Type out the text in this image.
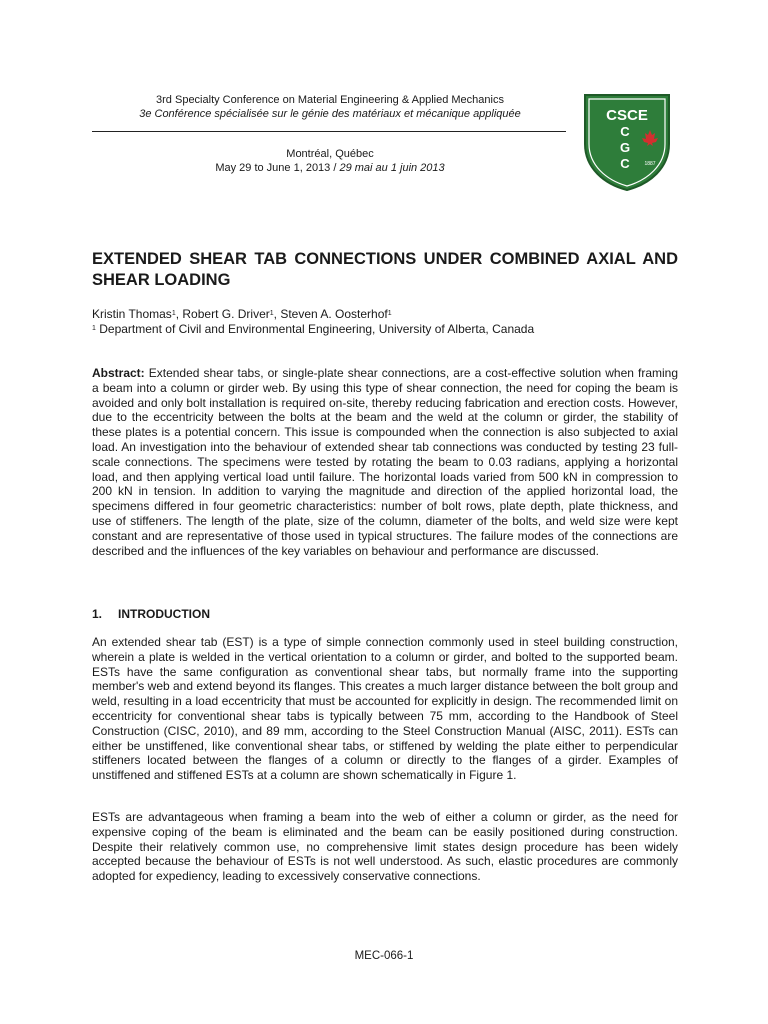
3rd Specialty Conference on Material Engineering & Applied Mechanics
3e Conférence spécialisée sur le génie des matériaux et mécanique appliquée
Montréal, Québec
May 29 to June 1, 2013 / 29 mai au 1 juin 2013
CSCE
C
G
C	1887
EXTENDED SHEAR TAB CONNECTIONS UNDER COMBINED AXIAL AND SHEAR LOADING
Kristin Thomas$^1$, Robert G. Driver$^1$, Steven A. Oosterhof$^1$
$^1$ Department of Civil and Environmental Engineering, University of Alberta, Canada

Abstract: Extended shear tabs, or single-plate shear connections, are a cost-effective solution when framing a beam into a column or girder web. By using this type of shear connection, the need for coping the beam is avoided and only bolt installation is required on-site, thereby reducing fabrication and erection costs. However, due to the eccentricity between the bolts at the beam and the weld at the column or girder, the stability of these plates is a potential concern. This issue is compounded when the connection is also subjected to axial load. An investigation into the behaviour of extended shear tab connections was conducted by testing 23 full-scale connections. The specimens were tested by rotating the beam to 0.03 radians, applying a horizontal load, and then applying vertical load until failure. The horizontal loads varied from 500 kN in compression to 200 kN in tension. In addition to varying the magnitude and direction of the applied horizontal load, the specimens differed in four geometric characteristics: number of bolt rows, plate depth, plate thickness, and use of stiffeners. The length of the plate, size of the column, diameter of the bolts, and weld size were kept constant and are representative of those used in typical structures. The failure modes of the connections are described and the influences of the key variables on behaviour and performance are discussed.

1. INTRODUCTION

An extended shear tab (EST) is a type of simple connection commonly used in steel building construction, wherein a plate is welded in the vertical orientation to a column or girder, and bolted to the supported beam. ESTs have the same configuration as conventional shear tabs, but normally frame into the supporting member's web and extend beyond its flanges. This creates a much larger distance between the bolt group and weld, resulting in a load eccentricity that must be accounted for explicitly in design. The recommended limit on eccentricity for conventional shear tabs is typically between 75 mm, according to the Handbook of Steel Construction (CISC, 2010), and 89 mm, according to the Steel Construction Manual (AISC, 2011). ESTs can either be unstiffened, like conventional shear tabs, or stiffened by welding the plate either to perpendicular stiffeners located between the flanges of a column or directly to the flanges of a girder. Examples of unstiffened and stiffened ESTs at a column are shown schematically in Figure 1.

ESTs are advantageous when framing a beam into the web of either a column or girder, as the need for expensive coping of the beam is eliminated and the beam can be easily positioned during construction. Despite their relatively common use, no comprehensive limit states design procedure has been widely accepted because the behaviour of ESTs is not well understood. As such, elastic procedures are commonly adopted for expediency, leading to excessively conservative connections.

MEC-066-1
